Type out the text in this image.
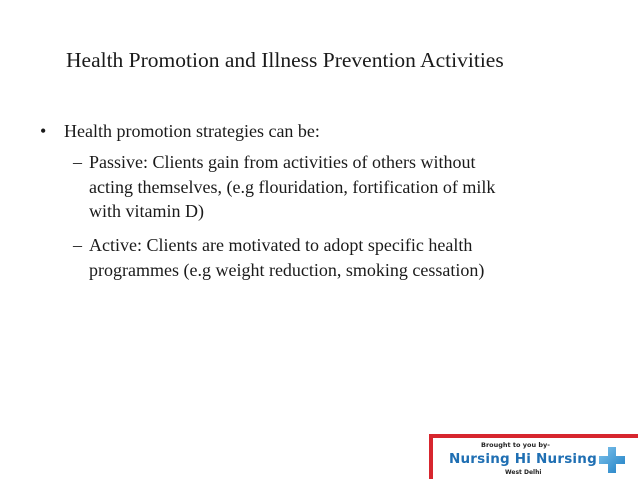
Health Promotion and Illness Prevention Activities
• Health promotion strategies can be:
– Passive: Clients gain from activities of others without
acting themselves, (e.g flouridation, fortification of milk
with vitamin D)
– Active: Clients are motivated to adopt specific health
programmes (e.g weight reduction, smoking cessation)
Brought to you by-
Nursing Hi Nursing
West Delhi
